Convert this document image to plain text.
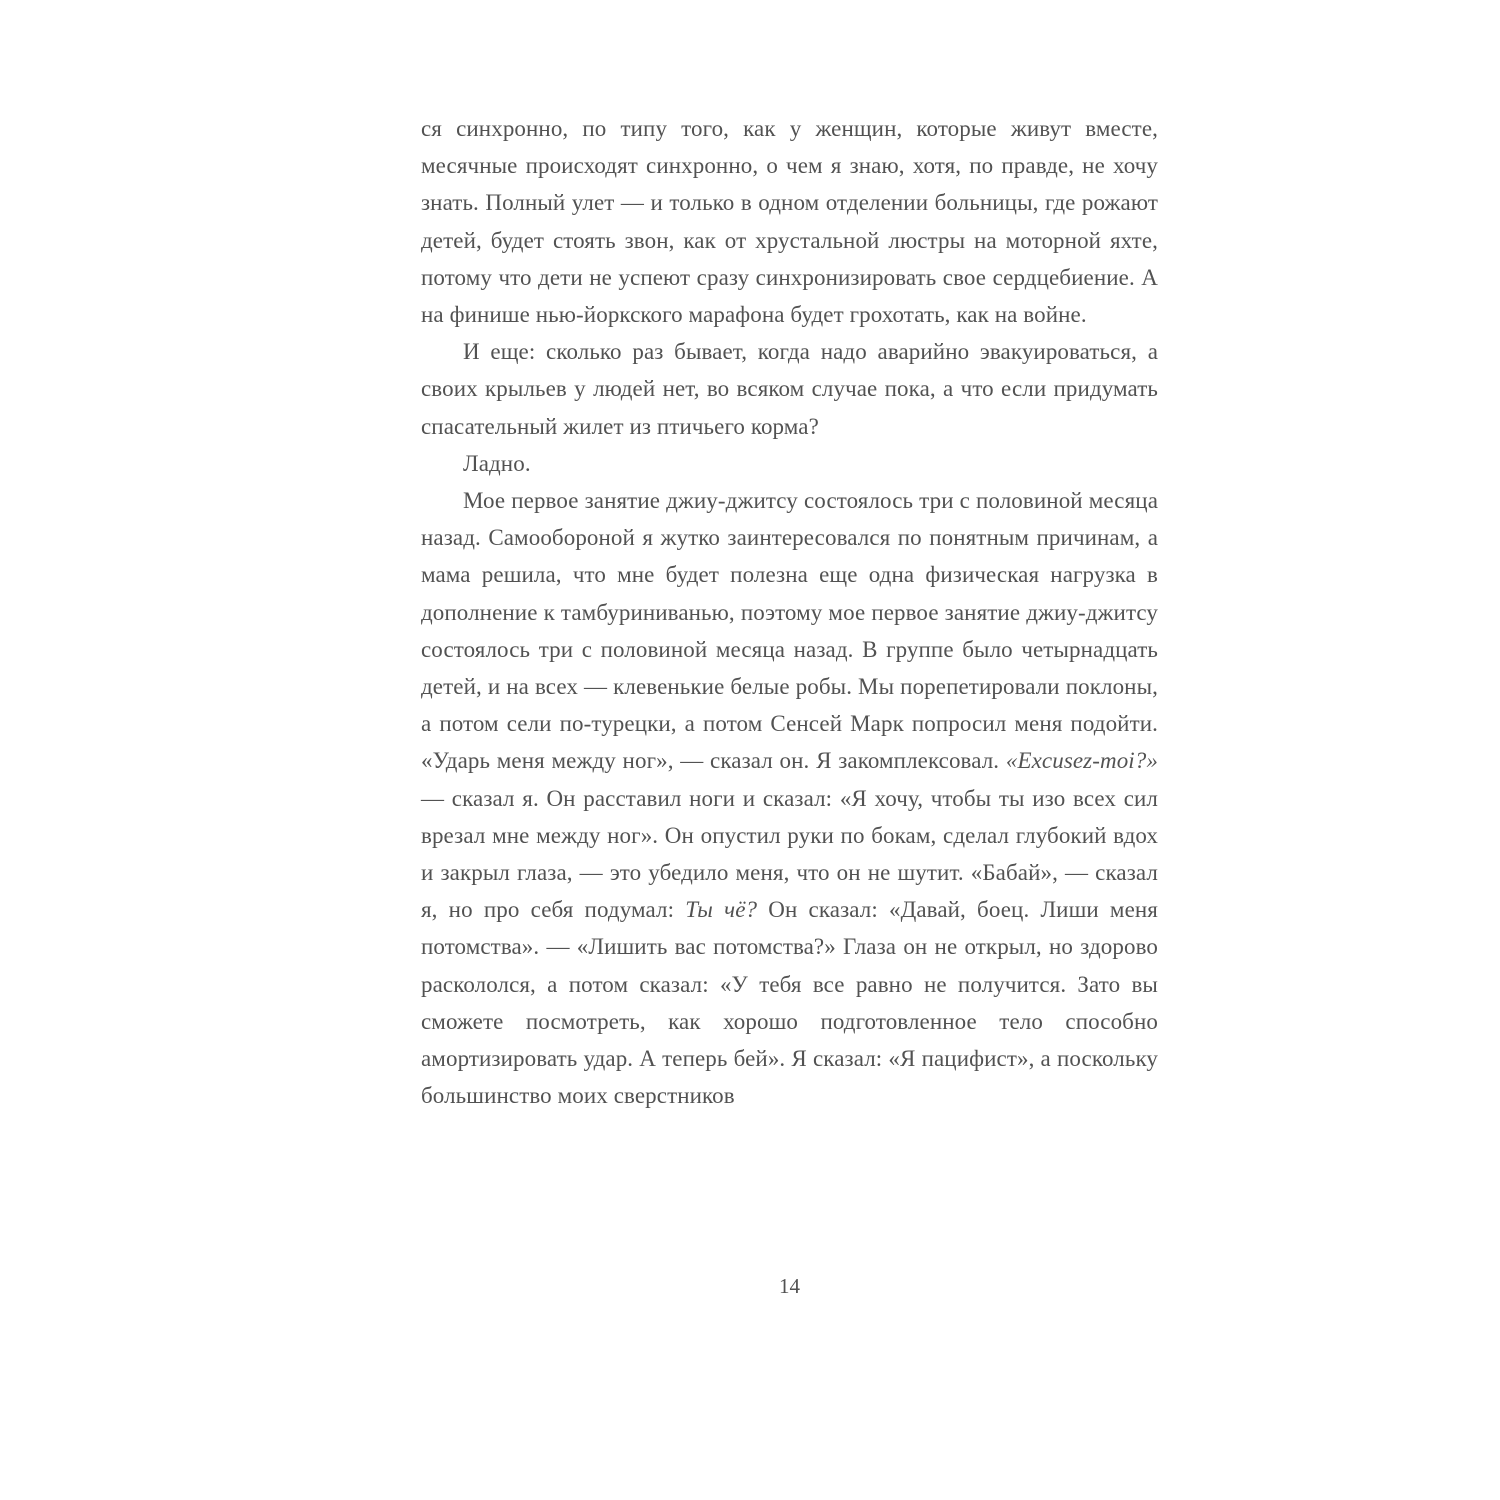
ся синхронно, по типу того, как у женщин, которые живут вместе, месячные происходят синхронно, о чем я знаю, хотя, по правде, не хочу знать. Полный улет — и только в одном отделении больницы, где рожают детей, будет стоять звон, как от хрустальной люстры на моторной яхте, потому что дети не успеют сразу синхронизировать свое сердцебиение. А на финише нью-йоркского марафона будет грохотать, как на войне.

И еще: сколько раз бывает, когда надо аварийно эвакуироваться, а своих крыльев у людей нет, во всяком случае пока, а что если придумать спасательный жилет из птичьего корма?

Ладно.

Мое первое занятие джиу-джитсу состоялось три с половиной месяца назад. Самообороной я жутко заинтересовался по понятным причинам, а мама решила, что мне будет полезна еще одна физическая нагрузка в дополнение к тамбуриниванью, поэтому мое первое занятие джиу-джитсу состоялось три с половиной месяца назад. В группе было четырнадцать детей, и на всех — клевенькие белые робы. Мы порепетировали поклоны, а потом сели по-турецки, а потом Сенсей Марк попросил меня подойти. «Ударь меня между ног», — сказал он. Я закомплексовал. «Excusez-moi?» — сказал я. Он расставил ноги и сказал: «Я хочу, чтобы ты изо всех сил врезал мне между ног». Он опустил руки по бокам, сделал глубокий вдох и закрыл глаза, — это убедило меня, что он не шутит. «Бабай», — сказал я, но про себя подумал: Ты чё? Он сказал: «Давай, боец. Лиши меня потомства». — «Лишить вас потомства?» Глаза он не открыл, но здорово раскололся, а потом сказал: «У тебя все равно не получится. Зато вы сможете посмотреть, как хорошо подготовленное тело способно амортизировать удар. А теперь бей». Я сказал: «Я пацифист», а поскольку большинство моих сверстников

14
